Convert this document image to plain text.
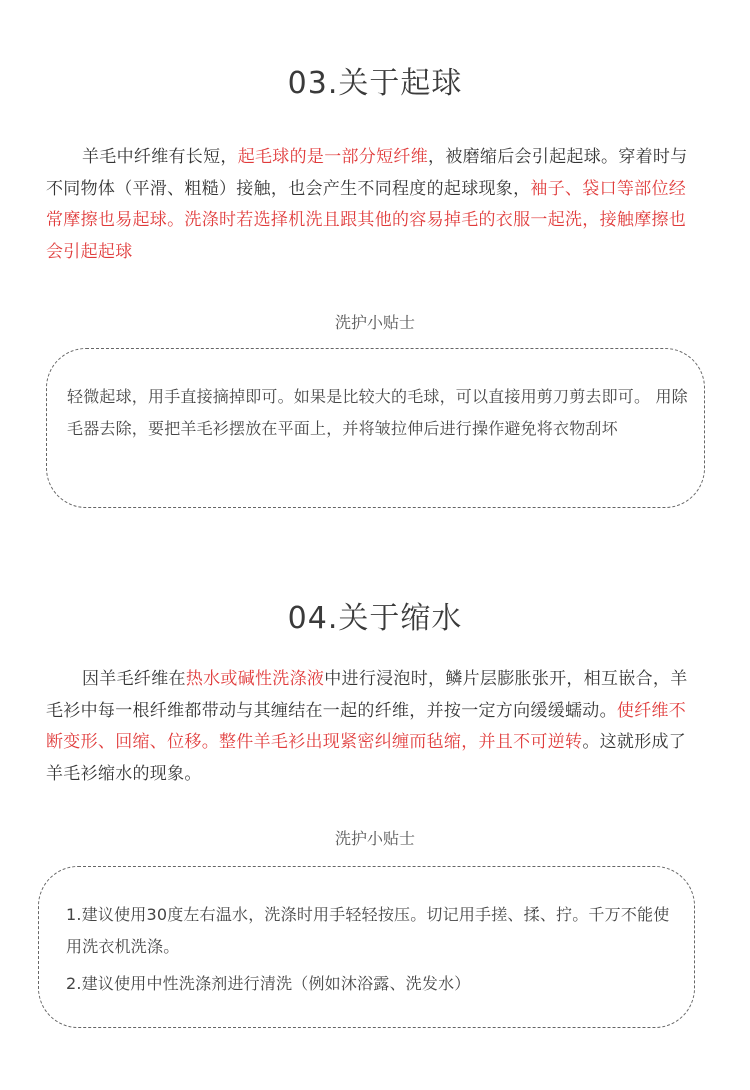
03.关于起球

羊毛中纤维有长短，起毛球的是一部分短纤维，被磨缩后会引起起球。穿着时与不同物体（平滑、粗糙）接触，也会产生不同程度的起球现象，袖子、袋口等部位经常摩擦也易起球。洗涤时若选择机洗且跟其他的容易掉毛的衣服一起洗，接触摩擦也会引起起球

洗护小贴士

轻微起球，用手直接摘掉即可。如果是比较大的毛球，可以直接用剪刀剪去即可。 用除毛器去除，要把羊毛衫摆放在平面上，并将皱拉伸后进行操作避免将衣物刮坏

04.关于缩水

因羊毛纤维在热水或碱性洗涤液中进行浸泡时，鳞片层膨胀张开，相互嵌合，羊毛衫中每一根纤维都带动与其缠结在一起的纤维，并按一定方向缓缓蠕动。使纤维不断变形、回缩、位移。整件羊毛衫出现紧密纠缠而毡缩，并且不可逆转。这就形成了羊毛衫缩水的现象。

洗护小贴士

1.建议使用30度左右温水，洗涤时用手轻轻按压。切记用手搓、揉、拧。千万不能使用洗衣机洗涤。

2.建议使用中性洗涤剂进行清洗（例如沐浴露、洗发水）
